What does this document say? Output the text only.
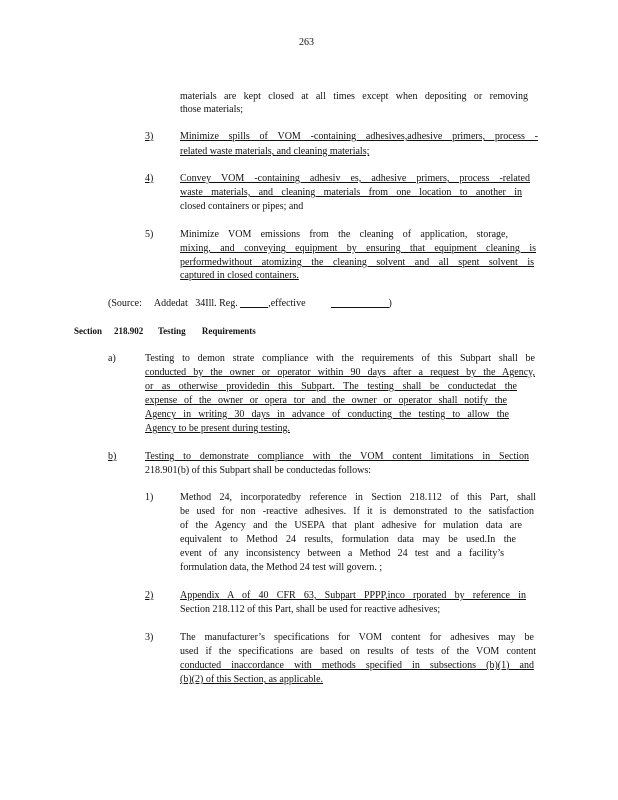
263
materials are kept closed at all times except when depositing or removing
those materials;
3)	Minimize spills of VOM -containing adhesives,adhesive primers, process -
related waste materials, and cleaning materials;
4)	Convey VOM -containing adhesiv es, adhesive primers, process -related
waste materials, and cleaning materials from one location to another in
closed containers or pipes; and
5)	Minimize VOM emissions from the cleaning of application, storage,
mixing, and conveying equipment by ensuring that equipment cleaning is
performedwithout atomizing the cleaning solvent and all spent solvent is
captured in closed containers.
(Source: Addedat 34Ill. Reg.	,effective	)
Section 218.902 Testing Requirements
a)	Testing to demon strate compliance with the requirements of this Subpart shall be
conducted by the owner or operator within 90 days after a request by the Agency,
or as otherwise providedin this Subpart. The testing shall be conductedat the
expense of the owner or opera tor and the owner or operator shall notify the
Agency in writing 30 days in advance of conducting the testing to allow the
Agency to be present during testing.
b)	Testing to demonstrate compliance with the VOM content limitations in Section
218.901(b) of this Subpart shall be conductedas follows:
1)	Method 24, incorporatedby reference in Section 218.112 of this Part, shall
be used for non -reactive adhesives. If it is demonstrated to the satisfaction
of the Agency and the USEPA that plant adhesive for mulation data are
equivalent to Method 24 results, formulation data may be used.In the
event of any inconsistency between a Method 24 test and a facility’s
formulation data, the Method 24 test will govern. ;
2)	Appendix A of 40 CFR 63, Subpart PPPP,inco rporated by reference in
Section 218.112 of this Part, shall be used for reactive adhesives;
3)	The manufacturer’s specifications for VOM content for adhesives may be
used if the specifications are based on results of tests of the VOM content
conducted inaccordance with methods specified in subsections (b)(1) and
(b)(2) of this Section, as applicable.
